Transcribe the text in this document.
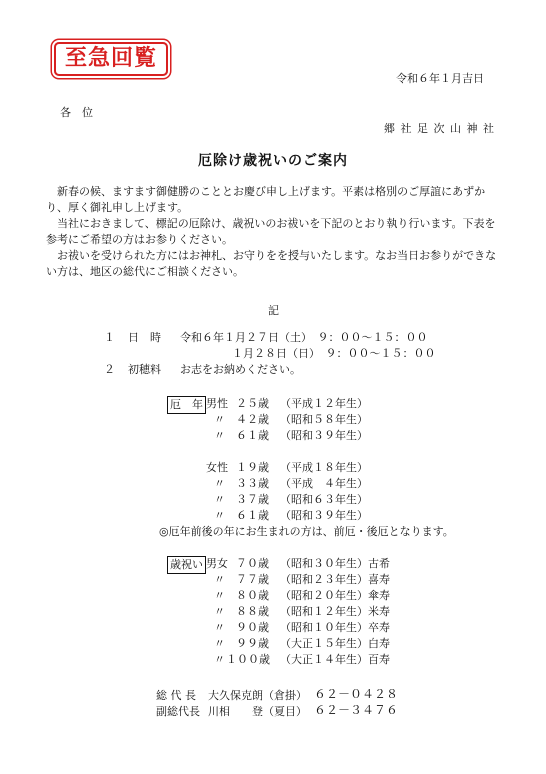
至急回覧
令和６年１月吉日
各　位
郷 社 足 次 山 神 社
厄除け歳祝いのご案内
　新春の候、ますます御健勝のこととお慶び申し上げます。平素は格別のご厚誼にあずかり、厚く御礼申し上げます。
　当社におきまして、標記の厄除け、歳祝いのお祓いを下記のとおり執り行います。下表を参考にご希望の方はお参りください。
　お祓いを受けられた方にはお神札、お守りをを授与いたします。なお当日お参りができない方は、地区の総代にご相談ください。
記
１ 日　時 令和６年１月２７日（土）　９：００～１５：００
１月２８日（日）　９：００～１５：００
２ 初穂料 お志をお納めください。
厄　年 男性
〃
〃
２５歳
４２歳
６１歳
（平成１２年生）
（昭和５８年生）
（昭和３９年生）
女性
〃
〃
〃
１９歳
３３歳
３７歳
６１歳
（平成１８年生）
（平成　４年生）
（昭和６３年生）
（昭和３９年生）
◎厄年前後の年にお生まれの方は、前厄・後厄となります。
歳祝い 男女
〃
〃
〃
〃
〃
〃
７０歳
７７歳
８０歳
８８歳
９０歳
９９歳
１００歳
（昭和３０年生）
（昭和２３年生）
（昭和２０年生）
（昭和１２年生）
（昭和１０年生）
（大正１５年生）
（大正１４年生）
古希
喜寿
傘寿
米寿
卒寿
白寿
百寿
総 代 長 大久保克朗（倉掛） ６２－０４２８
副総代長 川相　　登（夏目） ６２－３４７６
